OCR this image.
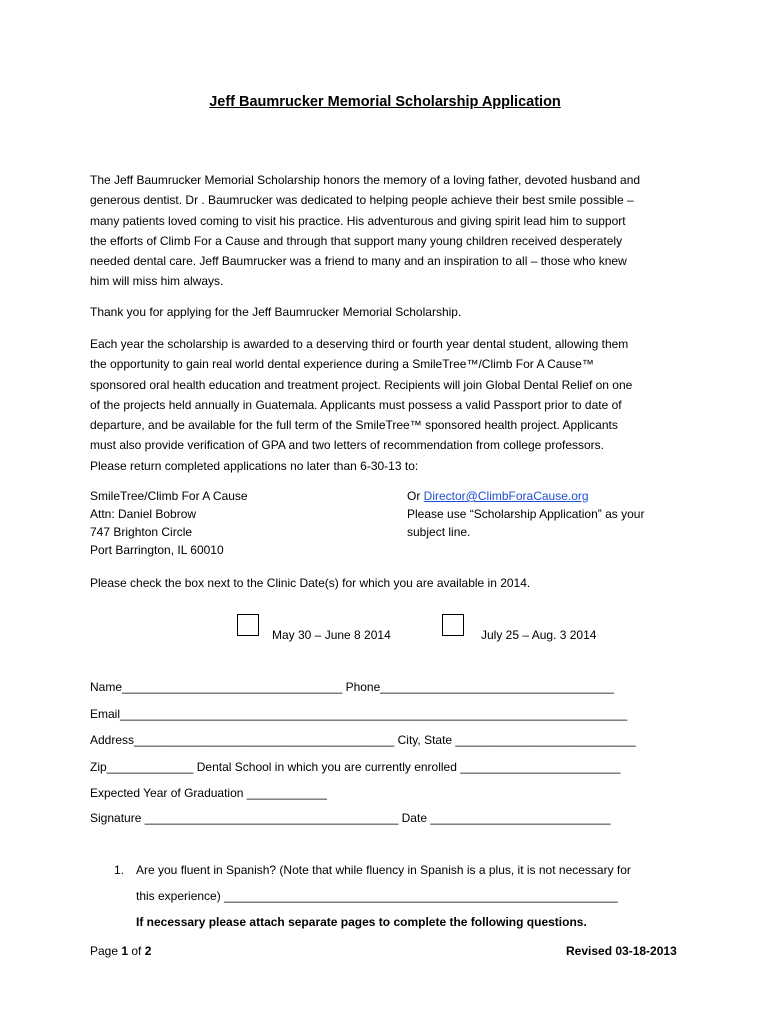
Jeff Baumrucker Memorial Scholarship Application
The Jeff Baumrucker Memorial Scholarship honors the memory of a loving father, devoted husband and
generous dentist. Dr . Baumrucker was dedicated to helping people achieve their best smile possible –
many patients loved coming to visit his practice. His adventurous and giving spirit lead him to support
the efforts of Climb For a Cause and through that support many young children received desperately
needed dental care. Jeff Baumrucker was a friend to many and an inspiration to all – those who knew
him will miss him always.
Thank you for applying for the Jeff Baumrucker Memorial Scholarship.
Each year the scholarship is awarded to a deserving third or fourth year dental student, allowing them
the opportunity to gain real world dental experience during a SmileTree™/Climb For A Cause™
sponsored oral health education and treatment project. Recipients will join Global Dental Relief on one
of the projects held annually in Guatemala. Applicants must possess a valid Passport prior to date of
departure, and be available for the full term of the SmileTree™ sponsored health project. Applicants
must also provide verification of GPA and two letters of recommendation from college professors.
Please return completed applications no later than 6-30-13 to:
SmileTree/Climb For A Cause
Attn: Daniel Bobrow
747 Brighton Circle
Port Barrington, IL 60010
Or Director@ClimbForaCause.org
Please use “Scholarship Application” as your
subject line.
Please check the box next to the Clinic Date(s) for which you are available in 2014.
May 30 – June 8 2014	July 25 – Aug. 3 2014
Name_________________________________ Phone___________________________________
Email____________________________________________________________________________
Address_______________________________________ City, State ___________________________
Zip_____________ Dental School in which you are currently enrolled ________________________
Expected Year of Graduation ____________
Signature ______________________________________ Date ___________________________
1. Are you fluent in Spanish? (Note that while fluency in Spanish is a plus, it is not necessary for
this experience) ___________________________________________________________
If necessary please attach separate pages to complete the following questions.
Page 1 of 2	Revised 03-18-2013
